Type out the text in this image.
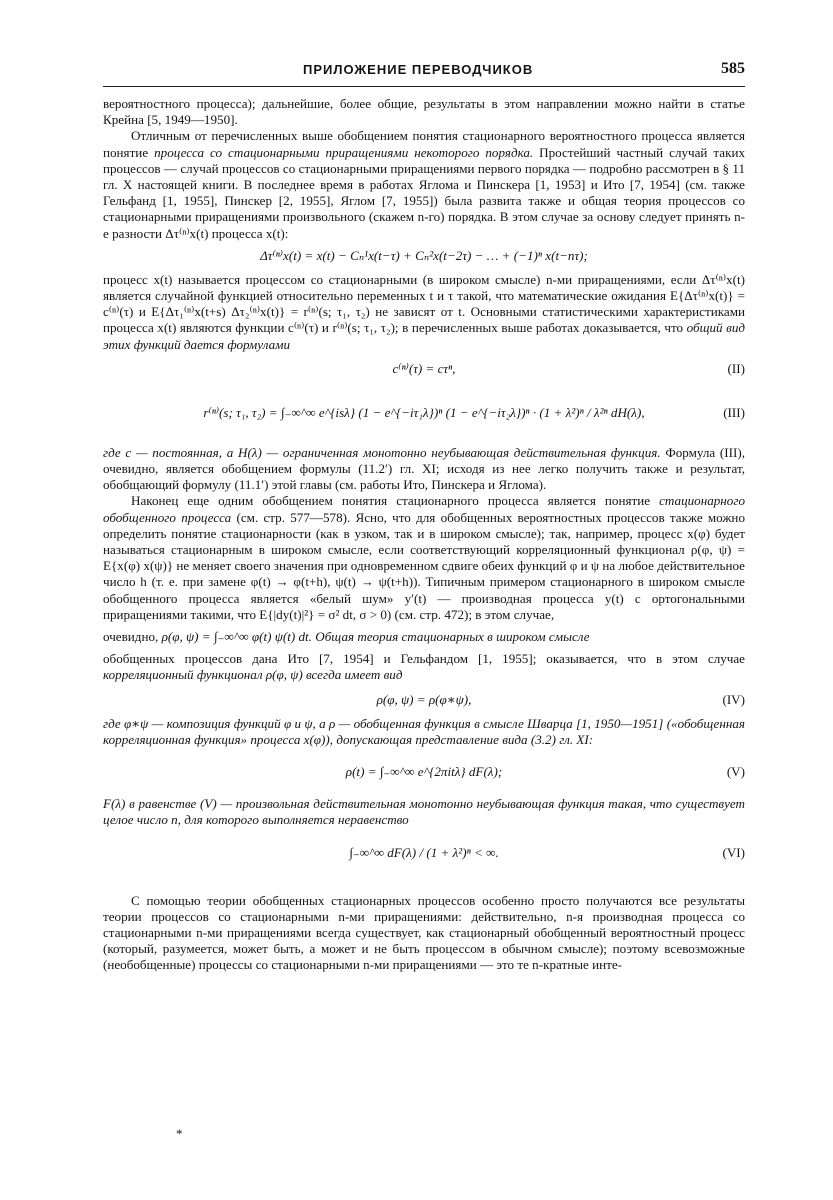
ПРИЛОЖЕНИЕ ПЕРЕВОДЧИКОВ	585

вероятностного процесса); дальнейшие, более общие, результаты в этом направлении можно найти в статье Крейна [5, 1949—1950].

Отличным от перечисленных выше обобщением понятия стационарного вероятностного процесса является понятие процесса со стационарными приращениями некоторого порядка. Простейший частный случай таких процессов — случай процессов со стационарными приращениями первого порядка — подробно рассмотрен в § 11 гл. X настоящей книги. В последнее время в работах Яглома и Пинскера [1, 1953] и Ито [7, 1954] (см. также Гельфанд [1, 1955], Пинскер [2, 1955], Яглом [7, 1955]) была развита также и общая теория процессов со стационарными приращениями произвольного (скажем n-го) порядка. В этом случае за основу следует принять n-е разности Δτ⁽ⁿ⁾x(t) процесса x(t):

Δτ⁽ⁿ⁾x(t) = x(t) − Cₙ¹x(t−τ) + Cₙ²x(t−2τ) − … + (−1)ⁿ x(t−nτ);

процесс x(t) называется процессом со стационарными (в широком смысле) n-ми приращениями, если Δτ⁽ⁿ⁾x(t) является случайной функцией относительно переменных t и τ такой, что математические ожидания E{Δτ⁽ⁿ⁾x(t)} = c⁽ⁿ⁾(τ) и E{Δτ₁⁽ⁿ⁾x(t+s) Δτ₂⁽ⁿ⁾x(t)} = r⁽ⁿ⁾(s; τ₁, τ₂) не зависят от t. Основными статистическими характеристиками процесса x(t) являются функции c⁽ⁿ⁾(τ) и r⁽ⁿ⁾(s; τ₁, τ₂); в перечисленных выше работах доказывается, что общий вид этих функций дается формулами

c⁽ⁿ⁾(τ) = cτⁿ,	(II)
r⁽ⁿ⁾(s; τ₁, τ₂) = ∫₋∞^∞ e^{isλ} (1 − e^{−iτ₁λ})ⁿ (1 − e^{−iτ₂λ})ⁿ · (1 + λ²)ⁿ / λ²ⁿ dH(λ),	(III)

где c — постоянная, а H(λ) — ограниченная монотонно неубывающая действительная функция. Формула (III), очевидно, является обобщением формулы (11.2′) гл. XI; исходя из нее легко получить также и результат, обобщающий формулу (11.1′) этой главы (см. работы Ито, Пинскера и Яглома).

Наконец еще одним обобщением понятия стационарного процесса является понятие стационарного обобщенного процесса (см. стр. 577—578). Ясно, что для обобщенных вероятностных процессов также можно определить понятие стационарности (как в узком, так и в широком смысле); так, например, процесс x(φ) будет называться стационарным в широком смысле, если соответствующий корреляционный функционал ρ(φ, ψ) = E{x(φ) x(ψ)} не меняет своего значения при одновременном сдвиге обеих функций φ и ψ на любое действительное число h (т. е. при замене φ(t) → φ(t+h), ψ(t) → ψ(t+h)). Типичным примером стационарного в широком смысле обобщенного процесса является «белый шум» y′(t) — производная процесса y(t) с ортогональными приращениями такими, что E{|dy(t)|²} = σ² dt, σ > 0) (см. стр. 472); в этом случае,

очевидно, ρ(φ, ψ) = ∫₋∞^∞ φ(t) ψ(t) dt. Общая теория стационарных в широком смысле

обобщенных процессов дана Ито [7, 1954] и Гельфандом [1, 1955]; оказывается, что в этом случае корреляционный функционал ρ(φ, ψ) всегда имеет вид

ρ(φ, ψ) = ρ(φ∗ψ),	(IV)

где φ∗ψ — композиция функций φ и ψ, а ρ — обобщенная функция в смысле Шварца [1, 1950—1951] («обобщенная корреляционная функция» процесса x(φ)), допускающая представление вида (3.2) гл. XI:

ρ(t) = ∫₋∞^∞ e^{2πitλ} dF(λ);	(V)

F(λ) в равенстве (V) — произвольная действительная монотонно неубывающая функция такая, что существует целое число n, для которого выполняется неравенство

∫₋∞^∞ dF(λ) / (1 + λ²)ⁿ < ∞.	(VI)

С помощью теории обобщенных стационарных процессов особенно просто получаются все результаты теории процессов со стационарными n-ми приращениями: действительно, n-я производная процесса со стационарными n-ми приращениями всегда существует, как стационарный обобщенный вероятностный процесс (который, разумеется, может быть, а может и не быть процессом в обычном смысле); поэтому всевозможные (необобщенные) процессы со стационарными n-ми приращениями — это те n-кратные инте-

*
